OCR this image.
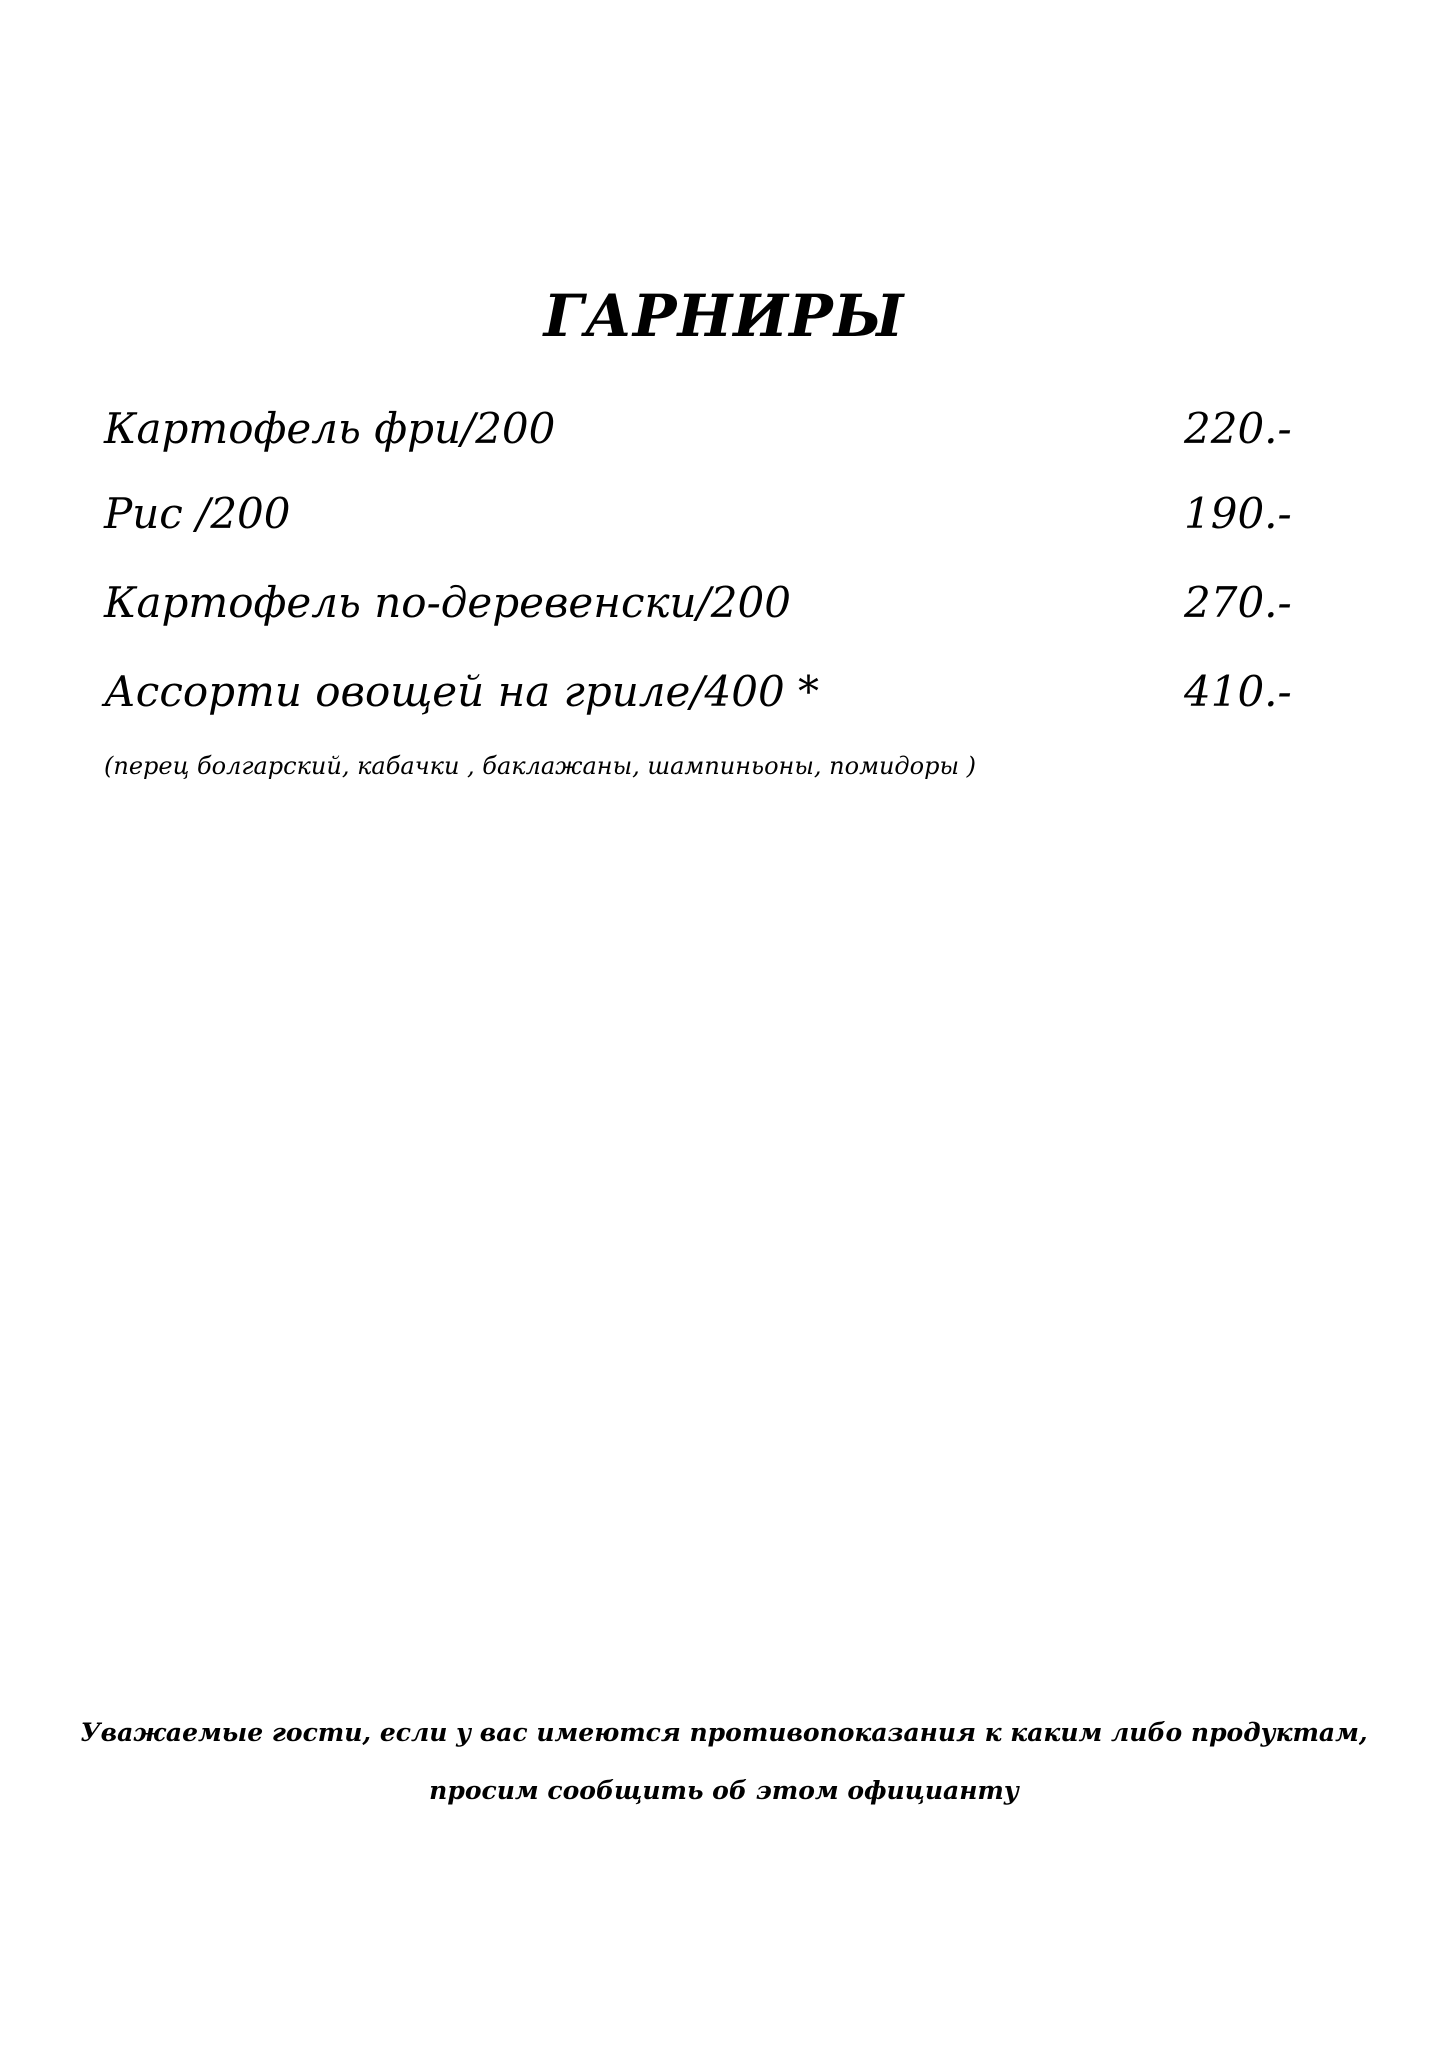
ГАРНИРЫ
Картофель фри/200	220.-
Рис /200	190.-
Картофель по-деревенски/200	270.-
Ассорти овощей на гриле/400 *	410.-
(перец болгарский, кабачки , баклажаны, шампиньоны, помидоры )
Уважаемые гости, если у вас имеются противопоказания к каким либо продуктам,
просим сообщить об этом официанту
